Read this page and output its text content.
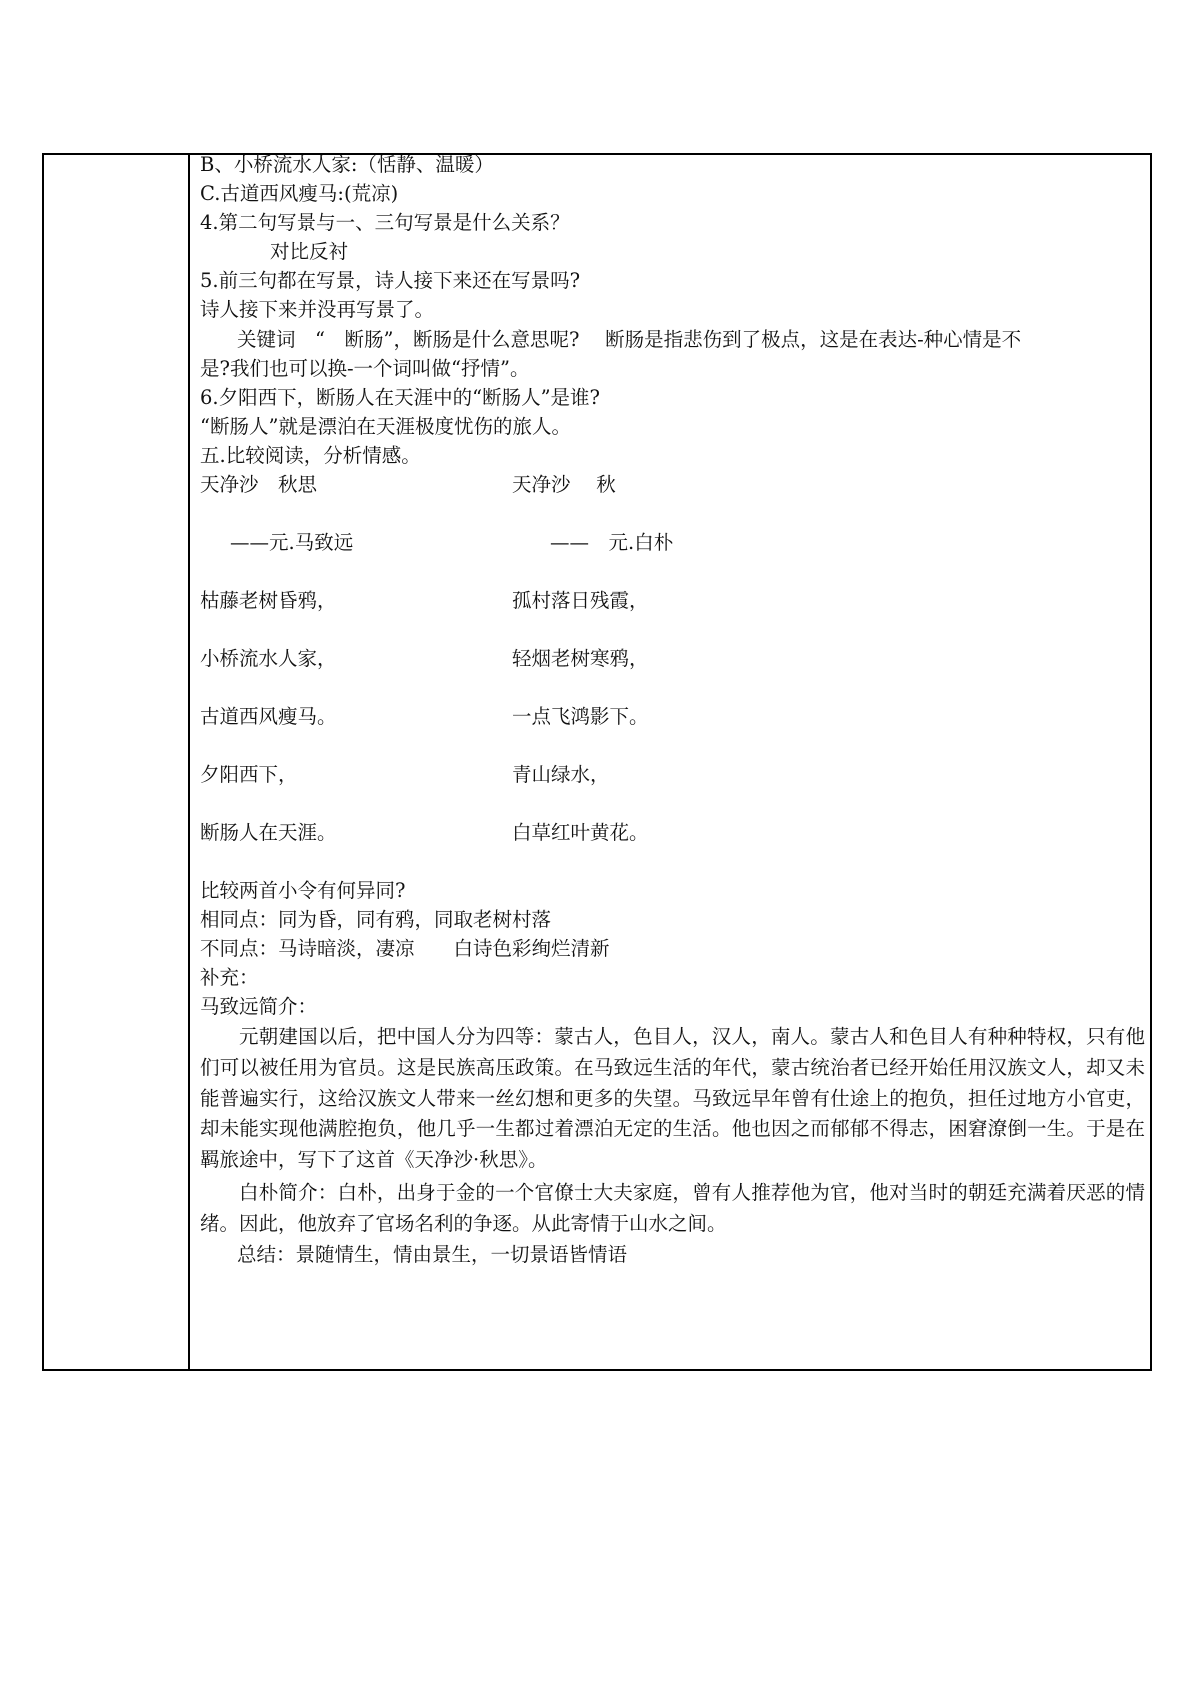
B、小桥流水人家:（恬静、温暖）
C.古道西风瘦马:(荒凉)
4.第二句写景与一、三句写景是什么关系？
对比反衬
5.前三句都在写景，诗人接下来还在写景吗?
诗人接下来并没再写景了。
关键词　“　断肠”，断肠是什么意思呢?　 断肠是指悲伤到了极点，这是在表达-种心情是不
是?我们也可以换-一个词叫做“抒情”。
6.夕阳西下，断肠人在天涯中的“断肠人”是谁?
“断肠人”就是漂泊在天涯极度忧伤的旅人。
五.比较阅读，分析情感。
天净沙　秋思	天净沙　 秋
——元.马致远	——　元.白朴
枯藤老树昏鸦，	孤村落日残霞，
小桥流水人家，	轻烟老树寒鸦，
古道西风瘦马。	一点飞鸿影下。
夕阳西下，	青山绿水，
断肠人在天涯。	白草红叶黄花。
比较两首小令有何异同?
相同点：同为昏，同有鸦，同取老树村落
不同点：马诗暗淡，凄凉　　白诗色彩绚烂清新
补充：
马致远简介：
元朝建国以后，把中国人分为四等：蒙古人，色目人，汉人，南人。蒙古人和色目人有种种特权，只有他们可以被任用为官员。这是民族高压政策。在马致远生活的年代，蒙古统治者已经开始任用汉族文人，却又未能普遍实行，这给汉族文人带来一丝幻想和更多的失望。马致远早年曾有仕途上的抱负，担任过地方小官吏，却未能实现他满腔抱负，他几乎一生都过着漂泊无定的生活。他也因之而郁郁不得志，困窘潦倒一生。于是在羁旅途中，写下了这首《天净沙·秋思》。
白朴简介：白朴，出身于金的一个官僚士大夫家庭，曾有人推荐他为官，他对当时的朝廷充满着厌恶的情绪。因此，他放弃了官场名利的争逐。从此寄情于山水之间。
总结：景随情生，情由景生，一切景语皆情语
